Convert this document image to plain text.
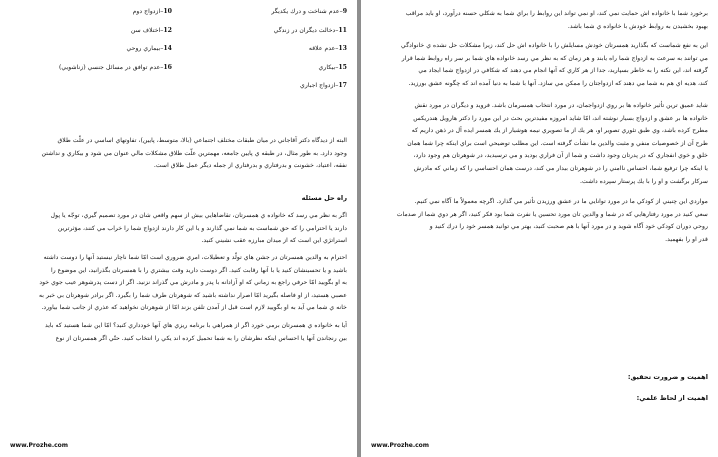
9–عدم شناخت و درك يكديگر
11–دخالت ديگران در زندگي
13–عدم علاقه
15–بيكاري
17–ازدواج اجباري
10–ازدواج دوم
12–اختلاف سن
14–بيماري روحي
16–عدم توافق در مسائل جنسي (زناشويي)

البته از ديدگاه دكتر آقاجاني در ميان طبقات مختلف اجتماعي (بالا، متوسط، پايين)، تفاوتهاي اساسي در علّت طلاق

وجود دارد. به طور مثال، در طبقه ي پايين جامعه، مهمترين علّت طلاق مشكلات مالي عنوان مي شود و بيكاري و نداشتن

نفقه، اعتياد، خشونت و بدرفتاري و بدرفتاري از جمله ديگر عمل طلاق است.

راه حل مسئله

اگر به نظر مي رسد كه خانواده ي همسرتان، تقاضاهايي بيش از سهم واقعي شان در مورد تصميم گيري، توجّه يا پول

دارند يا احترامي را كه حق شماست به شما نمي گذارند و يا اين كار دارند ازدواج شما را خراب مي كنند، مؤثرترين

استراتژي اين است كه از ميدان مبارزه عقب نشيني كنيد.

احترام به والدين همسرتان در جشن هاي تولّد و تعطيلات، امري ضروري است امّا شما ناچار نيستيد آنها را دوست داشته

باشيد و يا تحسينشان كنيد يا با آنها رقابت كنيد. اگر دوست داريد وقت بيشتري را با همسرتان بگذرانيد، اين موضوع را

به او بگوييد امّا حرفي راجع به زماني كه او آزادانه با پدر و مادرش مي گذراند نزنيد. اگر از دست پدرشوهر عيب جوي خود

عصبي هستيد، از او فاصله بگيريد امّا اصرار نداشته باشيد كه شوهرتان طرف شما را بگيرد. اگر برادر شوهرتان بي خبر به

خانه ي شما مي آيد به او بگوييد لازم است قبل از آمدن تلفن بزند امّا از شوهرتان نخواهيد كه عذري از جانب شما بياورد.

آيا به خانواده ي همسرتان برمي خورد اگر از همراهي با برنامه ريزي هاي آنها خودداري كنيد؟ امّا اين شما هستيد كه بايد

بين رنجاندن آنها يا احساس اينكه نظرشان را به شما تحميل كرده اند يكي را انتخاب كنيد. حتّي اگر همسرتان از نوع

www.Prozhe.com

برخورد شما با خانواده اش حمايت نمي كند، او نمي تواند اين روابط را براي شما به شكلي حسنه درآورد، او بايد مراقب

بهبود بخشيدن به روابط خودش با خانواده ي شما باشد.

اين به نفع شماست كه بگذاريد همسرتان خودش مسايلش را با خانواده اش حل كند، زيرا مشكلات حل نشده ي خانوادگي

مي توانند به سرعت به ازدواج شما راه يابند و هر زمان كه به نظر مي رسد خانواده هاي شما بر سر راه روابط شما قرار

گرفته اند، اين نكته را به خاطر بسپاريد، جدا از هر كاري كه آنها انجام مي دهند كه شكافي در ازدواج شما ايجاد مي

كند، هديه اي هم به شما مي دهند كه ازدواجتان را ممكن مي سازد. آنها با شما به دنيا آمده اند كه چگونه عشق بورزيد.

شايد عميق ترين تأثير خانواده ها بر روي ازدواجمان، در مورد انتخاب همسرمان باشد. فرويد و ديگران در مورد نقش

خانواده ها بر عشق و ازدواج بسيار نوشته اند، امّا شايد امروزه مفيدترين بحث در اين مورد را دكتر هارويل هندريكس

مطرح كرده باشد، وي طبق تئوري تصوير او، هر يك از ما تصويري نيمه هوشيار از يك همسر ايده آل در ذهن داريم كه

طرح آن از خصوصيات منفي و مثبت والدين ما نشأت گرفته است. اين مطلب توضيحي است براي اينكه چرا شما همان

خلق و خوي انفجاري كه در پدرتان وجود داشت و شما از آن فراري بوديد و مي ترسيديد، در شوهرتان هم وجود دارد،

يا اينكه چرا ترفيع شما، احساس ناامني را در شوهرتان بيدار مي كند، درست همان احساسي را كه زماني كه مادرش

سركار برگشت و او را با يك پرستار سپرده داشت.

مواردي اين چنيني از كودكي ما در مورد توانايي ما در عشق ورزيدن تأثير مي گذارد. اگرچه معمولاً ما آگاه نمي كنيم.

سعي كنيد در مورد رفتارهايي كه در شما و والدين تان مورد تحسين يا نفرت شما بود فكر كنيد، اگر هر دوي شما از صدمات

روحي دوران كودكي خود آگاه شويد و در مورد آنها با هم صحبت كنيد، بهتر مي توانيد همسر خود را درك كنيد و

قدر او را بفهميد.

اهميت و ضرورت تحقيق:
اهميت از لحاظ علمي:
www.Prozhe.com
